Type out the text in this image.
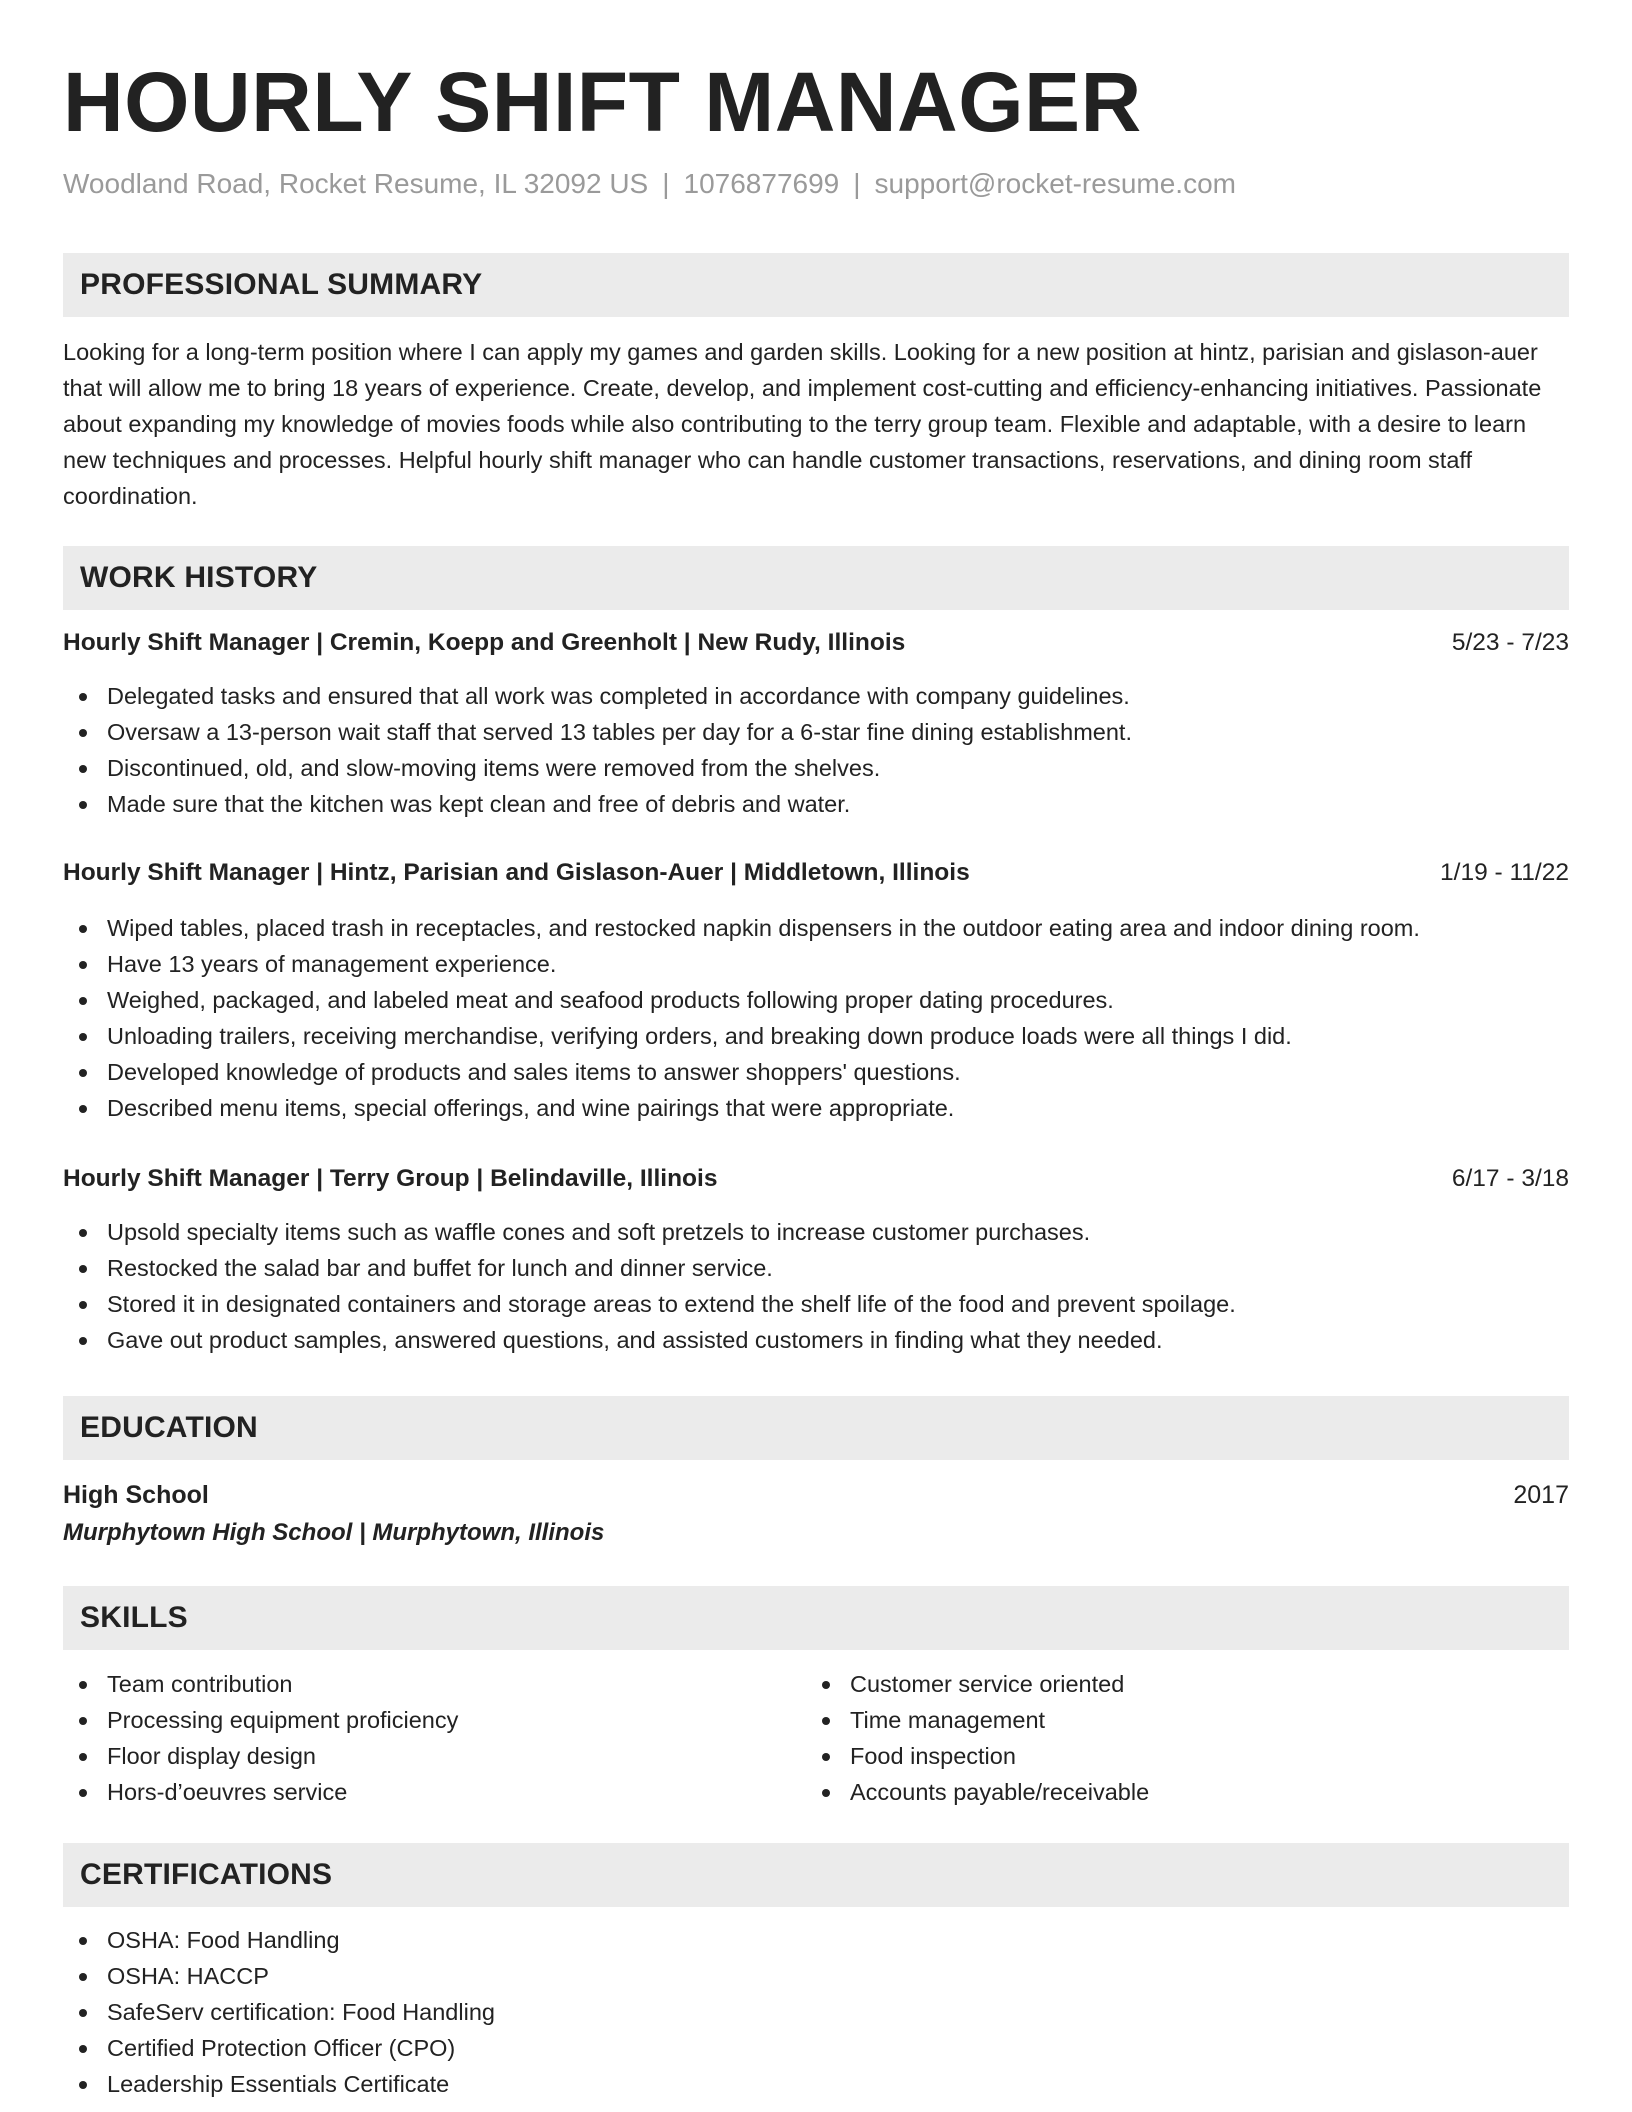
HOURLY SHIFT MANAGER
Woodland Road, Rocket Resume, IL 32092 US | 1076877699 | support@rocket-resume.com
PROFESSIONAL SUMMARY

Looking for a long-term position where I can apply my games and garden skills. Looking for a new position at hintz, parisian and gislason-auer that will allow me to bring 18 years of experience. Create, develop, and implement cost-cutting and efficiency-enhancing initiatives. Passionate about expanding my knowledge of movies foods while also contributing to the terry group team. Flexible and adaptable, with a desire to learn new techniques and processes. Helpful hourly shift manager who can handle customer transactions, reservations, and dining room staff coordination.

WORK HISTORY
Hourly Shift Manager | Cremin, Koepp and Greenholt | New Rudy, Illinois	5/23 - 7/23
Delegated tasks and ensured that all work was completed in accordance with company guidelines.
Oversaw a 13-person wait staff that served 13 tables per day for a 6-star fine dining establishment.
Discontinued, old, and slow-moving items were removed from the shelves.
Made sure that the kitchen was kept clean and free of debris and water.
Hourly Shift Manager | Hintz, Parisian and Gislason-Auer | Middletown, Illinois	1/19 - 11/22
Wiped tables, placed trash in receptacles, and restocked napkin dispensers in the outdoor eating area and indoor dining room.
Have 13 years of management experience.
Weighed, packaged, and labeled meat and seafood products following proper dating procedures.
Unloading trailers, receiving merchandise, verifying orders, and breaking down produce loads were all things I did.
Developed knowledge of products and sales items to answer shoppers' questions.
Described menu items, special offerings, and wine pairings that were appropriate.
Hourly Shift Manager | Terry Group | Belindaville, Illinois	6/17 - 3/18
Upsold specialty items such as waffle cones and soft pretzels to increase customer purchases.
Restocked the salad bar and buffet for lunch and dinner service.
Stored it in designated containers and storage areas to extend the shelf life of the food and prevent spoilage.
Gave out product samples, answered questions, and assisted customers in finding what they needed.
EDUCATION
High School	2017
Murphytown High School | Murphytown, Illinois
SKILLS
Team contribution
Processing equipment proficiency
Floor display design
Hors-d’oeuvres service
Customer service oriented
Time management
Food inspection
Accounts payable/receivable
CERTIFICATIONS
OSHA: Food Handling
OSHA: HACCP
SafeServ certification: Food Handling
Certified Protection Officer (CPO)
Leadership Essentials Certificate
